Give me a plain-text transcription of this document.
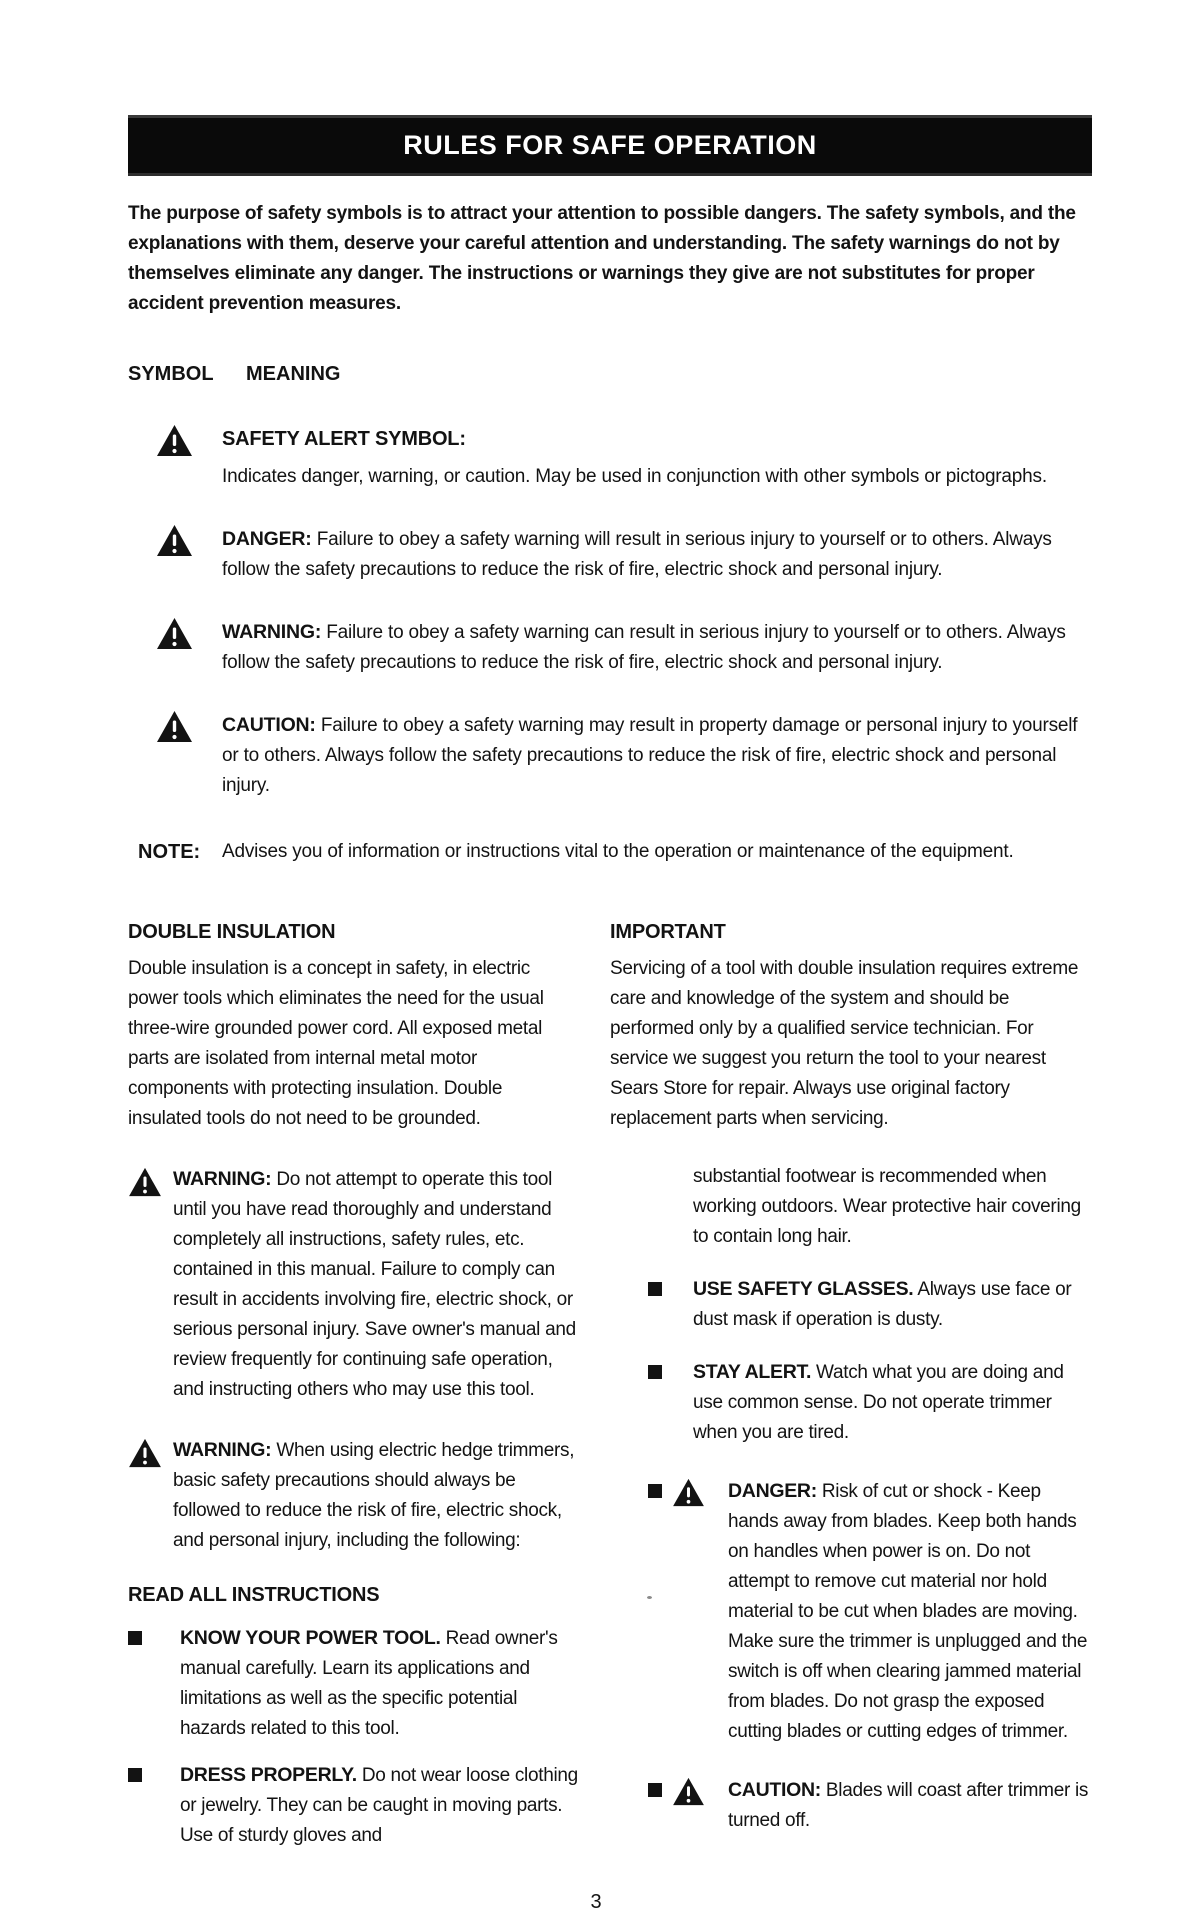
RULES FOR SAFE OPERATION

The purpose of safety symbols is to attract your attention to possible dangers. The safety symbols, and the explanations with them, deserve your careful attention and understanding. The safety warnings do not by themselves eliminate any danger. The instructions or warnings they give are not substitutes for proper accident prevention measures.

SYMBOL MEANING

SAFETY ALERT SYMBOL:

Indicates danger, warning, or caution. May be used in conjunction with other symbols or pictographs.

DANGER: Failure to obey a safety warning will result in serious injury to yourself or to others. Always follow the safety precautions to reduce the risk of fire, electric shock and personal injury.

WARNING: Failure to obey a safety warning can result in serious injury to yourself or to others. Always follow the safety precautions to reduce the risk of fire, electric shock and personal injury.

CAUTION: Failure to obey a safety warning may result in property damage or personal injury to yourself or to others. Always follow the safety precautions to reduce the risk of fire, electric shock and personal injury.

NOTE:	Advises you of information or instructions vital to the operation or maintenance of the equipment.

DOUBLE INSULATION

Double insulation is a concept in safety, in electric power tools which eliminates the need for the usual three-wire grounded power cord. All exposed metal parts are isolated from internal metal motor components with protecting insulation. Double insulated tools do not need to be grounded.

WARNING: Do not attempt to operate this tool until you have read thoroughly and understand completely all instructions, safety rules, etc. contained in this manual. Failure to comply can result in accidents involving fire, electric shock, or serious personal injury. Save owner's manual and review frequently for continuing safe operation, and instructing others who may use this tool.
WARNING: When using electric hedge trimmers, basic safety precautions should always be followed to reduce the risk of fire, electric shock, and personal injury, including the following:

READ ALL INSTRUCTIONS

KNOW YOUR POWER TOOL. Read owner's manual carefully. Learn its applications and limitations as well as the specific potential hazards related to this tool.
DRESS PROPERLY. Do not wear loose clothing or jewelry. They can be caught in moving parts. Use of sturdy gloves and

IMPORTANT

Servicing of a tool with double insulation requires extreme care and knowledge of the system and should be performed only by a qualified service technician. For service we suggest you return the tool to your nearest Sears Store for repair. Always use original factory replacement parts when servicing.

substantial footwear is recommended when working outdoors. Wear protective hair covering to contain long hair.

USE SAFETY GLASSES. Always use face or dust mask if operation is dusty.
STAY ALERT. Watch what you are doing and use common sense. Do not operate trimmer when you are tired.
DANGER: Risk of cut or shock - Keep hands away from blades. Keep both hands on handles when power is on. Do not attempt to remove cut material nor hold material to be cut when blades are moving. Make sure the trimmer is unplugged and the switch is off when clearing jammed material from blades. Do not grasp the exposed cutting blades or cutting edges of trimmer.
CAUTION: Blades will coast after trimmer is turned off.
3
